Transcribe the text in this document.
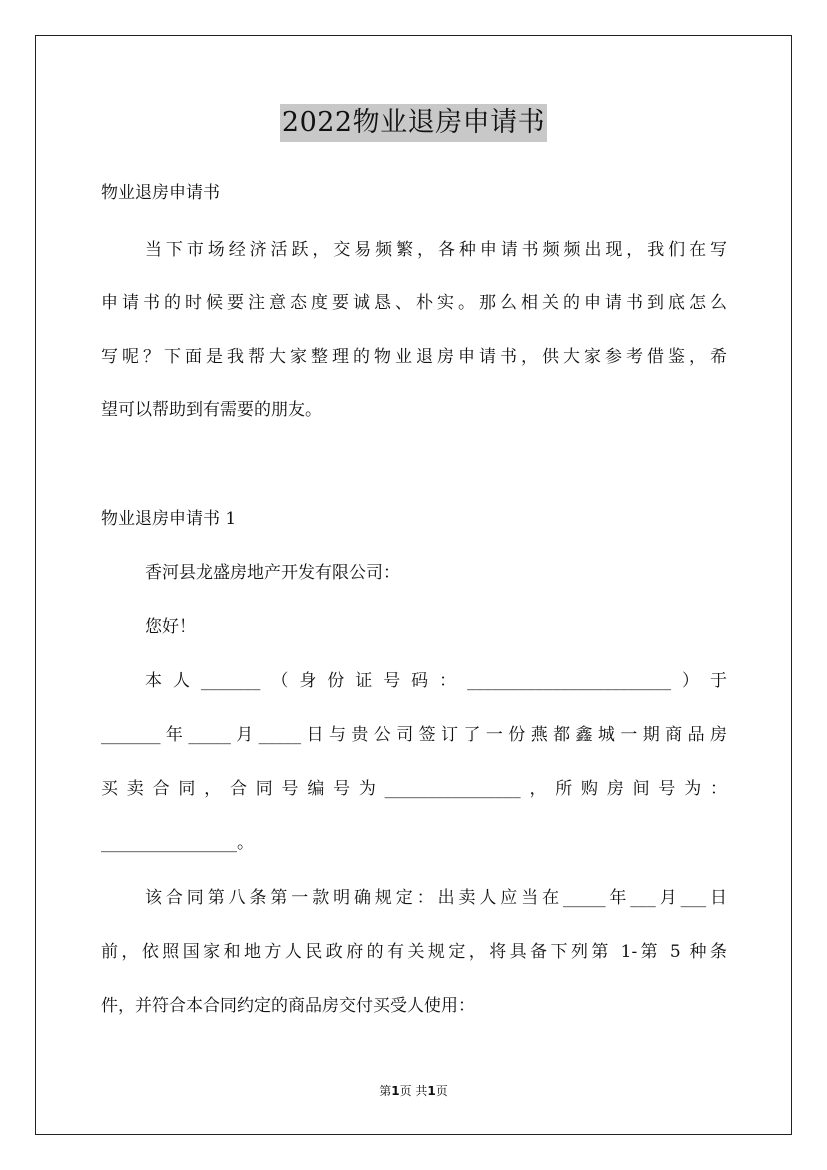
2022物业退房申请书
物业退房申请书
当下市场经济活跃，交易频繁，各种申请书频频出现，我们在写
申请书的时候要注意态度要诚恳、朴实。那么相关的申请书到底怎么
写呢？下面是我帮大家整理的物业退房申请书，供大家参考借鉴，希
望可以帮助到有需要的朋友。
物业退房申请书 1
香河县龙盛房地产开发有限公司：
您好！
本人_______（身份证号码：________________________）于
_______年_____月_____日与贵公司签订了一份燕都鑫城一期商品房
买卖合同，合同号编号为________________，所购房间号为：
________________。
该合同第八条第一款明确规定：出卖人应当在_____年___月___日
前，依照国家和地方人民政府的有关规定，将具备下列第 1-第 5 种条
件，并符合本合同约定的商品房交付买受人使用：
第1页 共1页
